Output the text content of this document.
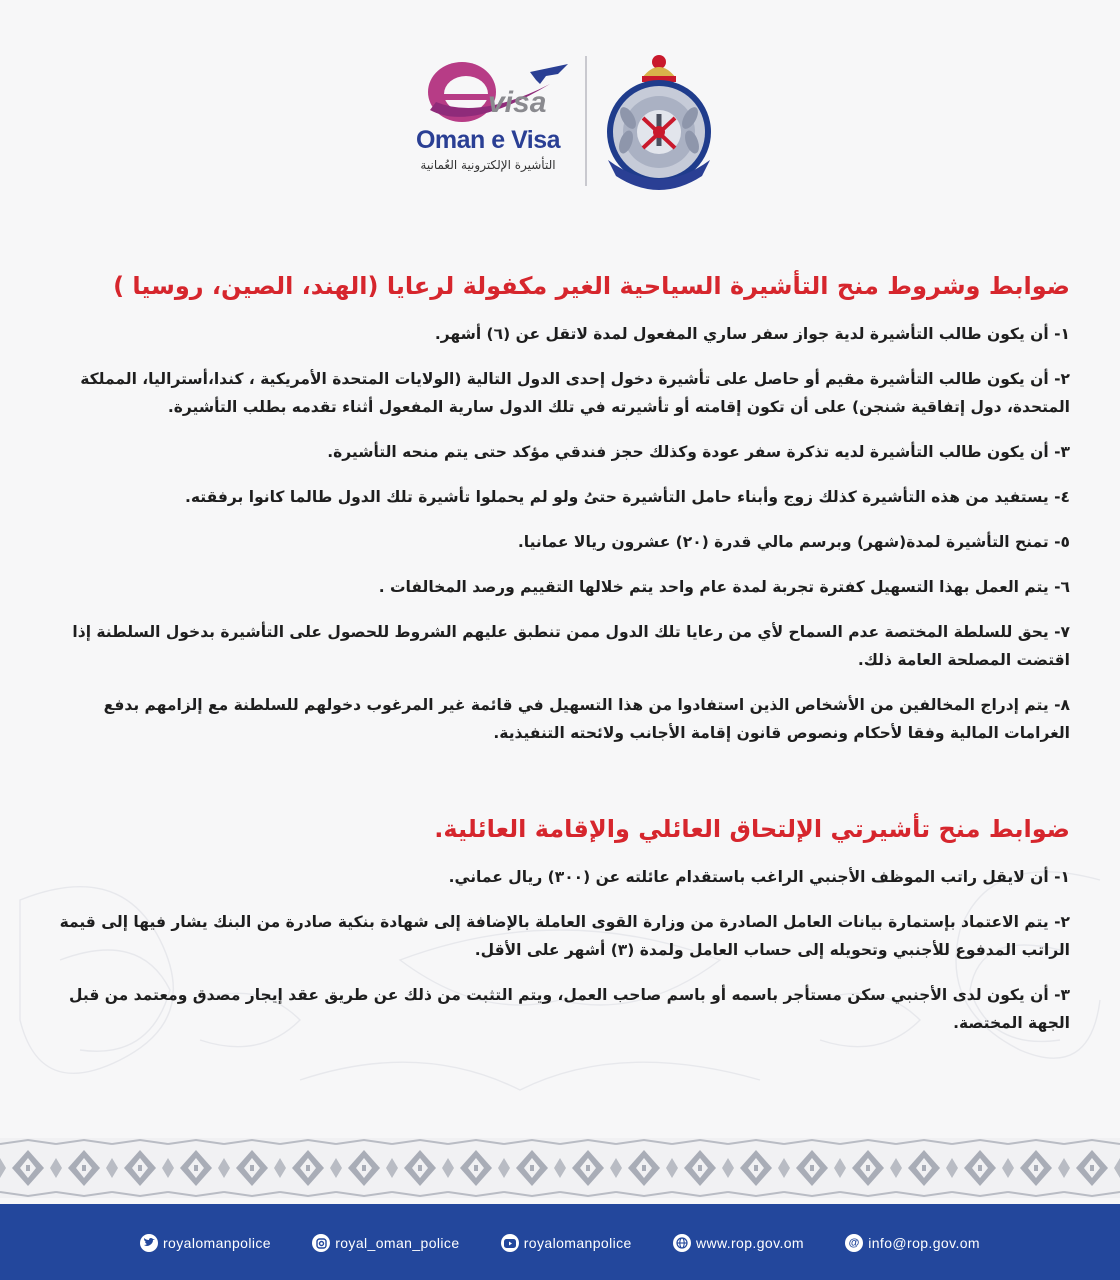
visa
Oman e Visa
التأشيرة الإلكترونية العُمانية
ضوابط وشروط منح التأشيرة السياحية الغير مكفولة لرعايا (الهند، الصين، روسيا )

١- أن يكون طالب التأشيرة لدية جواز سفر ساري المفعول لمدة لاتقل عن (٦) أشهر.

٢- أن يكون طالب التأشيرة مقيم أو حاصل على تأشيرة دخول إحدى الدول التالية (الولايات المتحدة الأمريكية ، كندا،أستراليا، المملكة المتحدة، دول إتفاقية شنجن) على أن تكون إقامته أو تأشيرته في تلك الدول سارية المفعول أثناء تقدمه بطلب التأشيرة.

٣- أن يكون طالب التأشيرة لديه تذكرة سفر عودة وكذلك حجز فندقي مؤكد حتى يتم منحه التأشيرة.

٤- يستفيد من هذه التأشيرة كذلك زوج وأبناء حامل التأشيرة حتىُ ولو لم يحملوا تأشيرة تلك الدول طالما كانوا برفقته.

٥- تمنح التأشيرة لمدة(شهر) وبرسم مالي قدرة (٢٠) عشرون ريالا عمانيا.

٦- يتم العمل بهذا التسهيل كفترة تجربة لمدة عام واحد يتم خلالها التقييم ورصد المخالفات .

٧- يحق للسلطة المختصة عدم السماح لأي من رعايا تلك الدول ممن تنطبق عليهم الشروط للحصول على التأشيرة بدخول السلطنة إذا اقتضت المصلحة العامة ذلك.

٨- يتم إدراج المخالفين من الأشخاص الذين استفادوا من هذا التسهيل في قائمة غير المرغوب دخولهم للسلطنة مع إلزامهم بدفع الغرامات المالية وفقا لأحكام ونصوص قانون إقامة الأجانب ولائحته التنفيذية.

ضوابط منح تأشيرتي الإلتحاق العائلي والإقامة العائلية.

١- أن لايقل راتب الموظف الأجنبي الراغب باستقدام عائلته عن (٣٠٠) ريال عماني.

٢- يتم الاعتماد بإستمارة بيانات العامل الصادرة من وزارة القوى العاملة بالإضافة إلى شهادة بنكية صادرة من البنك يشار فيها إلى قيمة الراتب المدفوع للأجنبي وتحويله إلى حساب العامل ولمدة (٣) أشهر على الأقل.

٣- أن يكون لدى الأجنبي سكن مستأجر باسمه أو باسم صاحب العمل، ويتم التثبت من ذلك عن طريق عقد إيجار مصدق ومعتمد من قبل الجهة المختصة.

royalomanpolice	royal_oman_police	royalomanpolice	www.rop.gov.om	@ info@rop.gov.om
